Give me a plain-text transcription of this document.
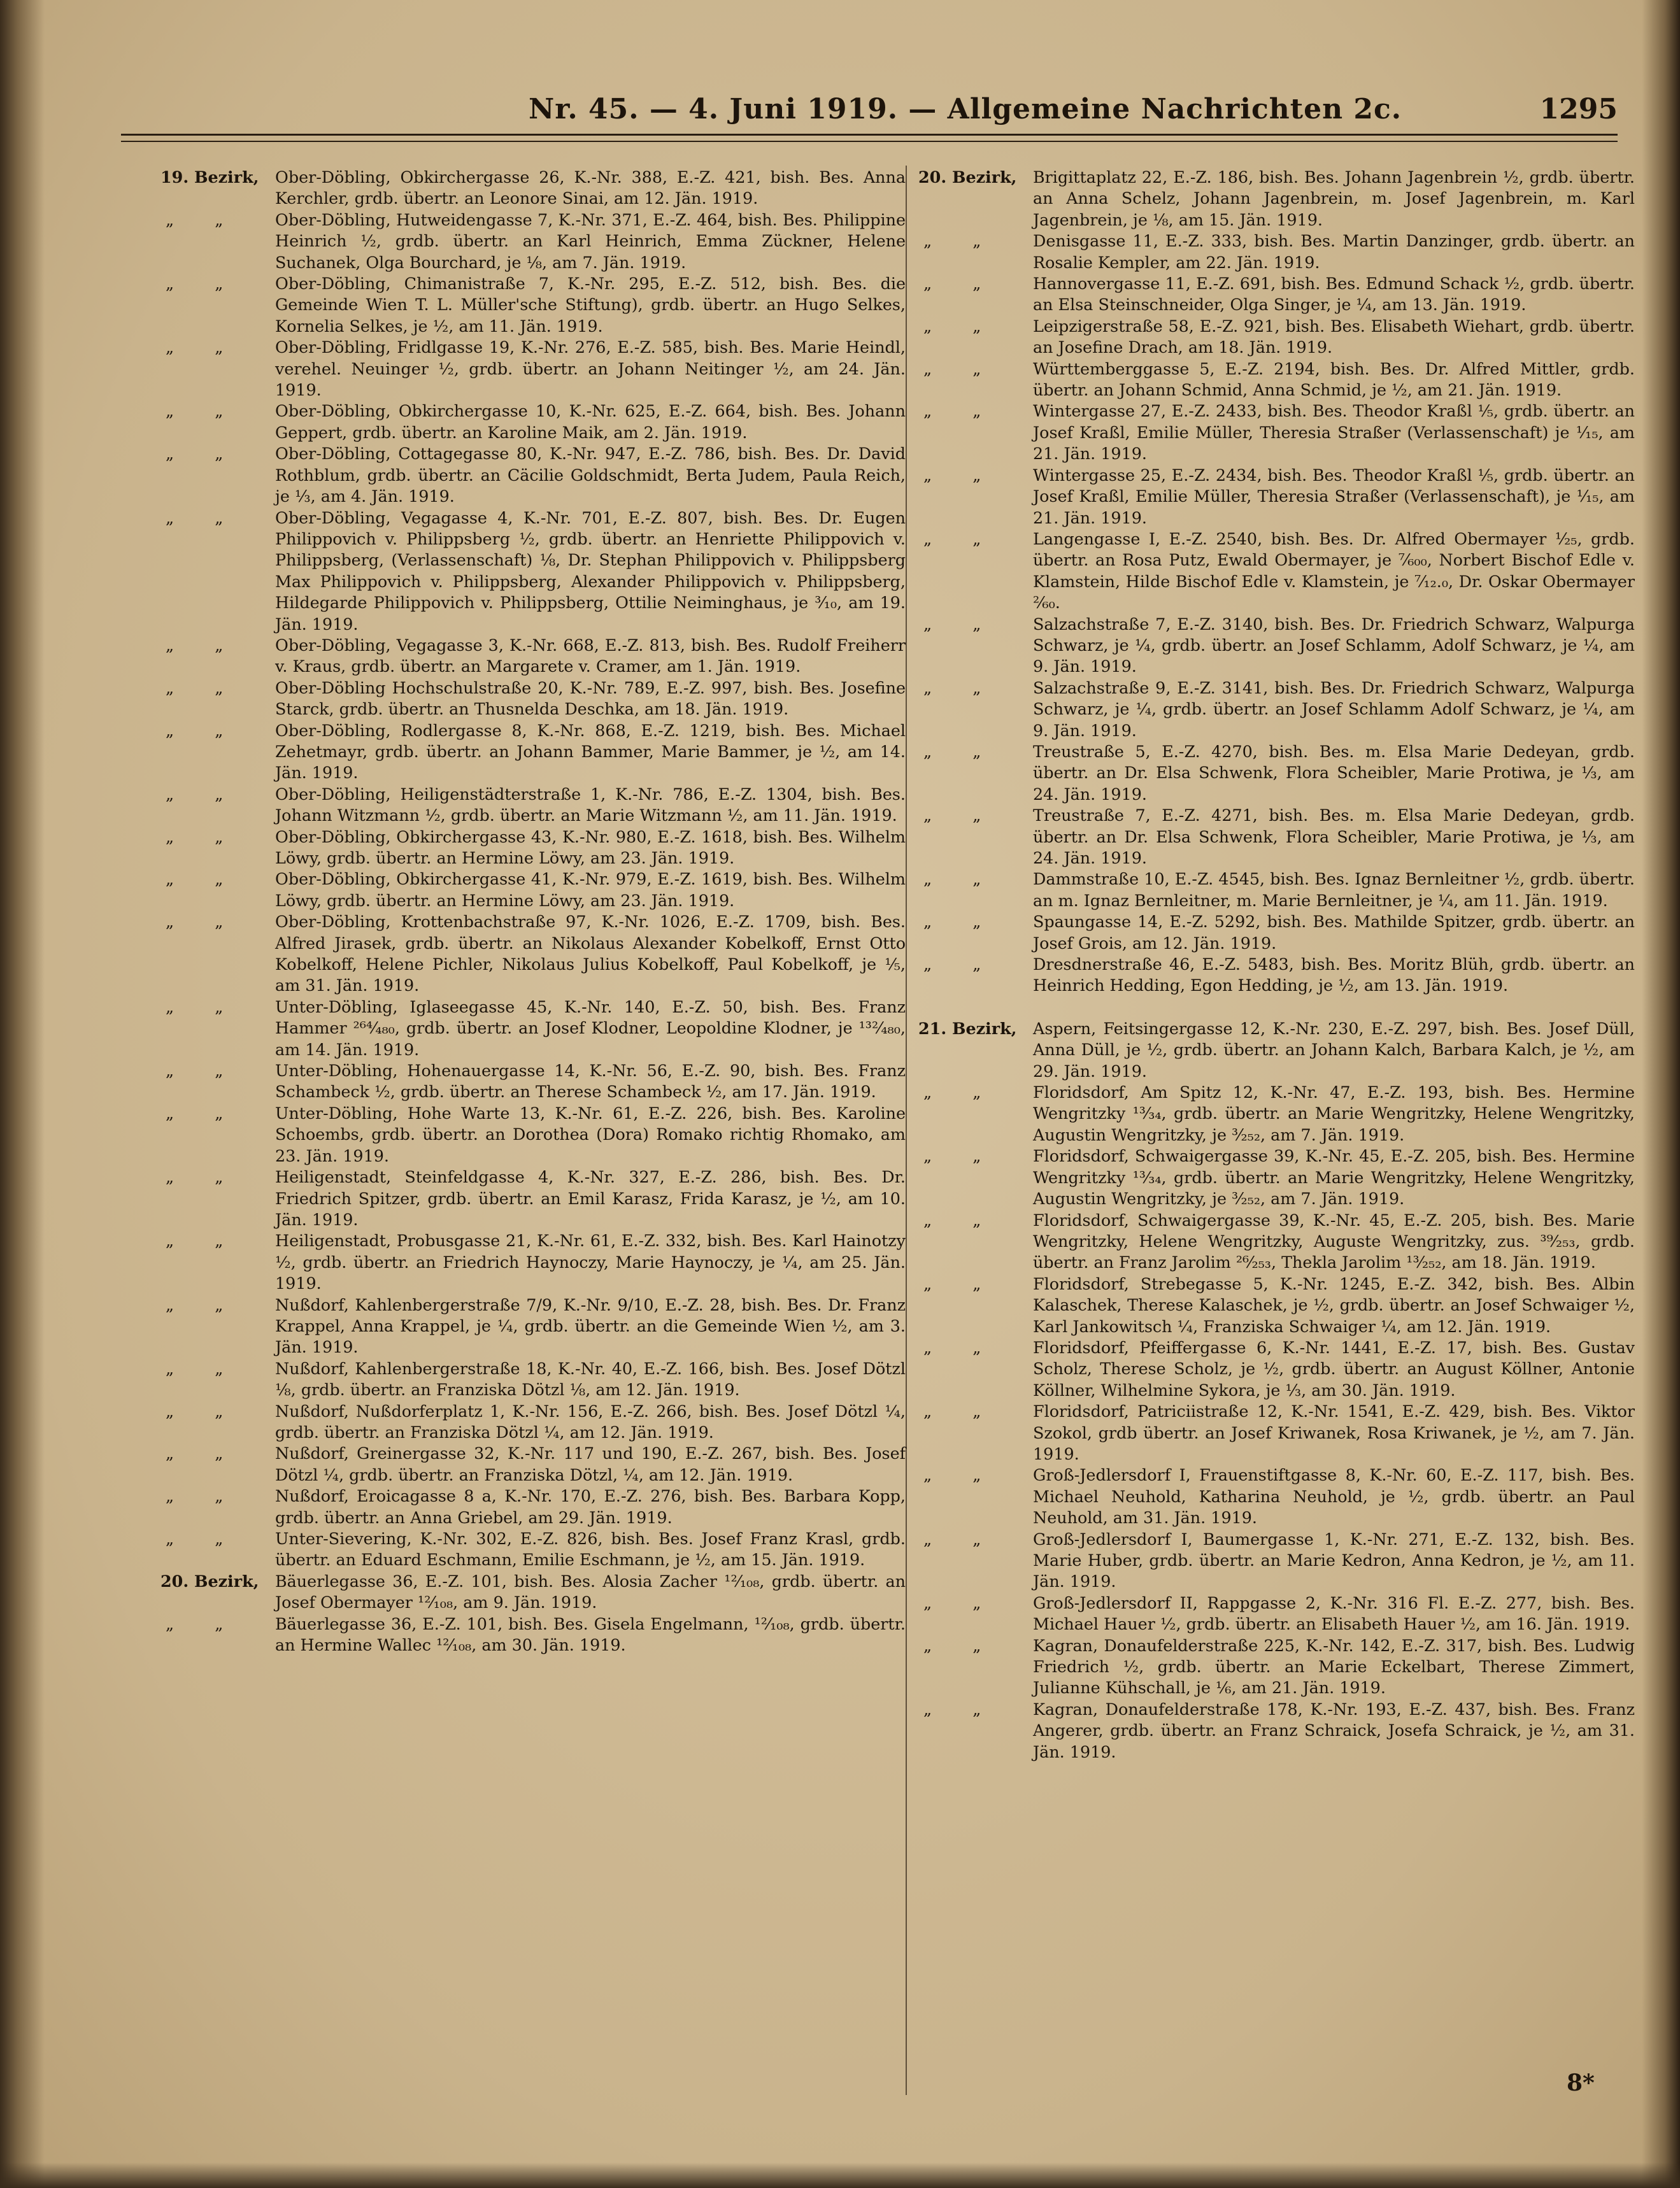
Nr. 45. — 4. Juni 1919. — Allgemeine Nachrichten 2c.	1295
19. Bezirk,	Ober-Döbling, Obkirchergasse 26, K.-Nr. 388, E.-Z. 421, bish. Bes. Anna Kerchler, grdb. übertr. an Leonore Sinai, am 12. Jän. 1919.
„ „	Ober-Döbling, Hutweidengasse 7, K.-Nr. 371, E.-Z. 464, bish. Bes. Philippine Heinrich ½, grdb. übertr. an Karl Heinrich, Emma Zückner, Helene Suchanek, Olga Bourchard, je ⅛, am 7. Jän. 1919.
„ „	Ober-Döbling, Chimanistraße 7, K.-Nr. 295, E.-Z. 512, bish. Bes. die Gemeinde Wien T. L. Müller'sche Stiftung), grdb. übertr. an Hugo Selkes, Kornelia Selkes, je ½, am 11. Jän. 1919.
„ „	Ober-Döbling, Fridlgasse 19, K.-Nr. 276, E.-Z. 585, bish. Bes. Marie Heindl, verehel. Neuinger ½, grdb. übertr. an Johann Neitinger ½, am 24. Jän. 1919.
„ „	Ober-Döbling, Obkirchergasse 10, K.-Nr. 625, E.-Z. 664, bish. Bes. Johann Geppert, grdb. übertr. an Karoline Maik, am 2. Jän. 1919.
„ „	Ober-Döbling, Cottagegasse 80, K.-Nr. 947, E.-Z. 786, bish. Bes. Dr. David Rothblum, grdb. übertr. an Cäcilie Goldschmidt, Berta Judem, Paula Reich, je ⅓, am 4. Jän. 1919.
„ „	Ober-Döbling, Vegagasse 4, K.-Nr. 701, E.-Z. 807, bish. Bes. Dr. Eugen Philippovich v. Philippsberg ½, grdb. übertr. an Henriette Philippovich v. Philippsberg, (Verlassenschaft) ⅛, Dr. Stephan Philippovich v. Philippsberg Max Philippovich v. Philippsberg, Alexander Philippovich v. Philippsberg, Hildegarde Philippovich v. Philippsberg, Ottilie Neiminghaus, je ³⁄₁₀, am 19. Jän. 1919.
„ „	Ober-Döbling, Vegagasse 3, K.-Nr. 668, E.-Z. 813, bish. Bes. Rudolf Freiherr v. Kraus, grdb. übertr. an Margarete v. Cramer, am 1. Jän. 1919.
„ „	Ober-Döbling Hochschulstraße 20, K.-Nr. 789, E.-Z. 997, bish. Bes. Josefine Starck, grdb. übertr. an Thusnelda Deschka, am 18. Jän. 1919.
„ „	Ober-Döbling, Rodlergasse 8, K.-Nr. 868, E.-Z. 1219, bish. Bes. Michael Zehetmayr, grdb. übertr. an Johann Bammer, Marie Bammer, je ½, am 14. Jän. 1919.
„ „	Ober-Döbling, Heiligenstädterstraße 1, K.-Nr. 786, E.-Z. 1304, bish. Bes. Johann Witzmann ½, grdb. übertr. an Marie Witzmann ½, am 11. Jän. 1919.
„ „	Ober-Döbling, Obkirchergasse 43, K.-Nr. 980, E.-Z. 1618, bish. Bes. Wilhelm Löwy, grdb. übertr. an Hermine Löwy, am 23. Jän. 1919.
„ „	Ober-Döbling, Obkirchergasse 41, K.-Nr. 979, E.-Z. 1619, bish. Bes. Wilhelm Löwy, grdb. übertr. an Hermine Löwy, am 23. Jän. 1919.
„ „	Ober-Döbling, Krottenbachstraße 97, K.-Nr. 1026, E.-Z. 1709, bish. Bes. Alfred Jirasek, grdb. übertr. an Nikolaus Alexander Kobelkoff, Ernst Otto Kobelkoff, Helene Pichler, Nikolaus Julius Kobelkoff, Paul Kobelkoff, je ⅕, am 31. Jän. 1919.
„ „	Unter-Döbling, Iglaseegasse 45, K.-Nr. 140, E.-Z. 50, bish. Bes. Franz Hammer ²⁶⁴⁄₄₈₀, grdb. übertr. an Josef Klodner, Leopoldine Klodner, je ¹³²⁄₄₈₀, am 14. Jän. 1919.
„ „	Unter-Döbling, Hohenauergasse 14, K.-Nr. 56, E.-Z. 90, bish. Bes. Franz Schambeck ½, grdb. übertr. an Therese Schambeck ½, am 17. Jän. 1919.
„ „	Unter-Döbling, Hohe Warte 13, K.-Nr. 61, E.-Z. 226, bish. Bes. Karoline Schoembs, grdb. übertr. an Dorothea (Dora) Romako richtig Rhomako, am 23. Jän. 1919.
„ „	Heiligenstadt, Steinfeldgasse 4, K.-Nr. 327, E.-Z. 286, bish. Bes. Dr. Friedrich Spitzer, grdb. übertr. an Emil Karasz, Frida Karasz, je ½, am 10. Jän. 1919.
„ „	Heiligenstadt, Probusgasse 21, K.-Nr. 61, E.-Z. 332, bish. Bes. Karl Hainotzy ½, grdb. übertr. an Friedrich Haynoczy, Marie Haynoczy, je ¼, am 25. Jän. 1919.
„ „	Nußdorf, Kahlenbergerstraße 7/9, K.-Nr. 9/10, E.-Z. 28, bish. Bes. Dr. Franz Krappel, Anna Krappel, je ¼, grdb. übertr. an die Gemeinde Wien ½, am 3. Jän. 1919.
„ „	Nußdorf, Kahlenbergerstraße 18, K.-Nr. 40, E.-Z. 166, bish. Bes. Josef Dötzl ⅛, grdb. übertr. an Franziska Dötzl ⅛, am 12. Jän. 1919.
„ „	Nußdorf, Nußdorferplatz 1, K.-Nr. 156, E.-Z. 266, bish. Bes. Josef Dötzl ¼, grdb. übertr. an Franziska Dötzl ¼, am 12. Jän. 1919.
„ „	Nußdorf, Greinergasse 32, K.-Nr. 117 und 190, E.-Z. 267, bish. Bes. Josef Dötzl ¼, grdb. übertr. an Franziska Dötzl, ¼, am 12. Jän. 1919.
„ „	Nußdorf, Eroicagasse 8 a, K.-Nr. 170, E.-Z. 276, bish. Bes. Barbara Kopp, grdb. übertr. an Anna Griebel, am 29. Jän. 1919.
„ „	Unter-Sievering, K.-Nr. 302, E.-Z. 826, bish. Bes. Josef Franz Krasl, grdb. übertr. an Eduard Eschmann, Emilie Eschmann, je ½, am 15. Jän. 1919.
20. Bezirk,	Bäuerlegasse 36, E.-Z. 101, bish. Bes. Alosia Zacher ¹²⁄₁₀₈, grdb. übertr. an Josef Obermayer ¹²⁄₁₀₈, am 9. Jän. 1919.
„ „	Bäuerlegasse 36, E.-Z. 101, bish. Bes. Gisela Engelmann, ¹²⁄₁₀₈, grdb. übertr. an Hermine Wallec ¹²⁄₁₀₈, am 30. Jän. 1919.
20. Bezirk,	Brigittaplatz 22, E.-Z. 186, bish. Bes. Johann Jagenbrein ½, grdb. übertr. an Anna Schelz, Johann Jagenbrein, m. Josef Jagenbrein, m. Karl Jagenbrein, je ⅛, am 15. Jän. 1919.
„ „	Denisgasse 11, E.-Z. 333, bish. Bes. Martin Danzinger, grdb. übertr. an Rosalie Kempler, am 22. Jän. 1919.
„ „	Hannovergasse 11, E.-Z. 691, bish. Bes. Edmund Schack ½, grdb. übertr. an Elsa Steinschneider, Olga Singer, je ¼, am 13. Jän. 1919.
„ „	Leipzigerstraße 58, E.-Z. 921, bish. Bes. Elisabeth Wiehart, grdb. übertr. an Josefine Drach, am 18. Jän. 1919.
„ „	Württemberggasse 5, E.-Z. 2194, bish. Bes. Dr. Alfred Mittler, grdb. übertr. an Johann Schmid, Anna Schmid, je ½, am 21. Jän. 1919.
„ „	Wintergasse 27, E.-Z. 2433, bish. Bes. Theodor Kraßl ⅕, grdb. übertr. an Josef Kraßl, Emilie Müller, Theresia Straßer (Verlassenschaft) je ¹⁄₁₅, am 21. Jän. 1919.
„ „	Wintergasse 25, E.-Z. 2434, bish. Bes. Theodor Kraßl ⅕, grdb. übertr. an Josef Kraßl, Emilie Müller, Theresia Straßer (Verlassenschaft), je ¹⁄₁₅, am 21. Jän. 1919.
„ „	Langengasse I, E.-Z. 2540, bish. Bes. Dr. Alfred Obermayer ¹⁄₂₅, grdb. übertr. an Rosa Putz, Ewald Obermayer, je ⁷⁄₆₀₀, Norbert Bischof Edle v. Klamstein, Hilde Bischof Edle v. Klamstein, je ⁷⁄₁₂.₀, Dr. Oskar Obermayer ²⁄₆₀.
„ „	Salzachstraße 7, E.-Z. 3140, bish. Bes. Dr. Friedrich Schwarz, Walpurga Schwarz, je ¼, grdb. übertr. an Josef Schlamm, Adolf Schwarz, je ¼, am 9. Jän. 1919.
„ „	Salzachstraße 9, E.-Z. 3141, bish. Bes. Dr. Friedrich Schwarz, Walpurga Schwarz, je ¼, grdb. übertr. an Josef Schlamm Adolf Schwarz, je ¼, am 9. Jän. 1919.
„ „	Treustraße 5, E.-Z. 4270, bish. Bes. m. Elsa Marie Dedeyan, grdb. übertr. an Dr. Elsa Schwenk, Flora Scheibler, Marie Protiwa, je ⅓, am 24. Jän. 1919.
„ „	Treustraße 7, E.-Z. 4271, bish. Bes. m. Elsa Marie Dedeyan, grdb. übertr. an Dr. Elsa Schwenk, Flora Scheibler, Marie Protiwa, je ⅓, am 24. Jän. 1919.
„ „	Dammstraße 10, E.-Z. 4545, bish. Bes. Ignaz Bernleitner ½, grdb. übertr. an m. Ignaz Bernleitner, m. Marie Bernleitner, je ¼, am 11. Jän. 1919.
„ „	Spaungasse 14, E.-Z. 5292, bish. Bes. Mathilde Spitzer, grdb. übertr. an Josef Grois, am 12. Jän. 1919.
„ „	Dresdnerstraße 46, E.-Z. 5483, bish. Bes. Moritz Blüh, grdb. übertr. an Heinrich Hedding, Egon Hedding, je ½, am 13. Jän. 1919.
21. Bezirk,	Aspern, Feitsingergasse 12, K.-Nr. 230, E.-Z. 297, bish. Bes. Josef Düll, Anna Düll, je ½, grdb. übertr. an Johann Kalch, Barbara Kalch, je ½, am 29. Jän. 1919.
„ „	Floridsdorf, Am Spitz 12, K.-Nr. 47, E.-Z. 193, bish. Bes. Hermine Wengritzky ¹³⁄₃₄, grdb. übertr. an Marie Wengritzky, Helene Wengritzky, Augustin Wengritzky, je ³⁄₂₅₂, am 7. Jän. 1919.
„ „	Floridsdorf, Schwaigergasse 39, K.-Nr. 45, E.-Z. 205, bish. Bes. Hermine Wengritzky ¹³⁄₃₄, grdb. übertr. an Marie Wengritzky, Helene Wengritzky, Augustin Wengritzky, je ³⁄₂₅₂, am 7. Jän. 1919.
„ „	Floridsdorf, Schwaigergasse 39, K.-Nr. 45, E.-Z. 205, bish. Bes. Marie Wengritzky, Helene Wengritzky, Auguste Wengritzky, zus. ³⁹⁄₂₅₃, grdb. übertr. an Franz Jarolim ²⁶⁄₂₅₃, Thekla Jarolim ¹³⁄₂₅₂, am 18. Jän. 1919.
„ „	Floridsdorf, Strebegasse 5, K.-Nr. 1245, E.-Z. 342, bish. Bes. Albin Kalaschek, Therese Kalaschek, je ½, grdb. übertr. an Josef Schwaiger ½, Karl Jankowitsch ¼, Franziska Schwaiger ¼, am 12. Jän. 1919.
„ „	Floridsdorf, Pfeiffergasse 6, K.-Nr. 1441, E.-Z. 17, bish. Bes. Gustav Scholz, Therese Scholz, je ½, grdb. übertr. an August Köllner, Antonie Köllner, Wilhelmine Sykora, je ⅓, am 30. Jän. 1919.
„ „	Floridsdorf, Patriciistraße 12, K.-Nr. 1541, E.-Z. 429, bish. Bes. Viktor Szokol, grdb übertr. an Josef Kriwanek, Rosa Kriwanek, je ½, am 7. Jän. 1919.
„ „	Groß-Jedlersdorf I, Frauenstiftgasse 8, K.-Nr. 60, E.-Z. 117, bish. Bes. Michael Neuhold, Katharina Neuhold, je ½, grdb. übertr. an Paul Neuhold, am 31. Jän. 1919.
„ „	Groß-Jedlersdorf I, Baumergasse 1, K.-Nr. 271, E.-Z. 132, bish. Bes. Marie Huber, grdb. übertr. an Marie Kedron, Anna Kedron, je ½, am 11. Jän. 1919.
„ „	Groß-Jedlersdorf II, Rappgasse 2, K.-Nr. 316 Fl. E.-Z. 277, bish. Bes. Michael Hauer ½, grdb. übertr. an Elisabeth Hauer ½, am 16. Jän. 1919.
„ „	Kagran, Donaufelderstraße 225, K.-Nr. 142, E.-Z. 317, bish. Bes. Ludwig Friedrich ½, grdb. übertr. an Marie Eckelbart, Therese Zimmert, Julianne Kühschall, je ⅙, am 21. Jän. 1919.
„ „	Kagran, Donaufelderstraße 178, K.-Nr. 193, E.-Z. 437, bish. Bes. Franz Angerer, grdb. übertr. an Franz Schraick, Josefa Schraick, je ½, am 31. Jän. 1919.
8*
